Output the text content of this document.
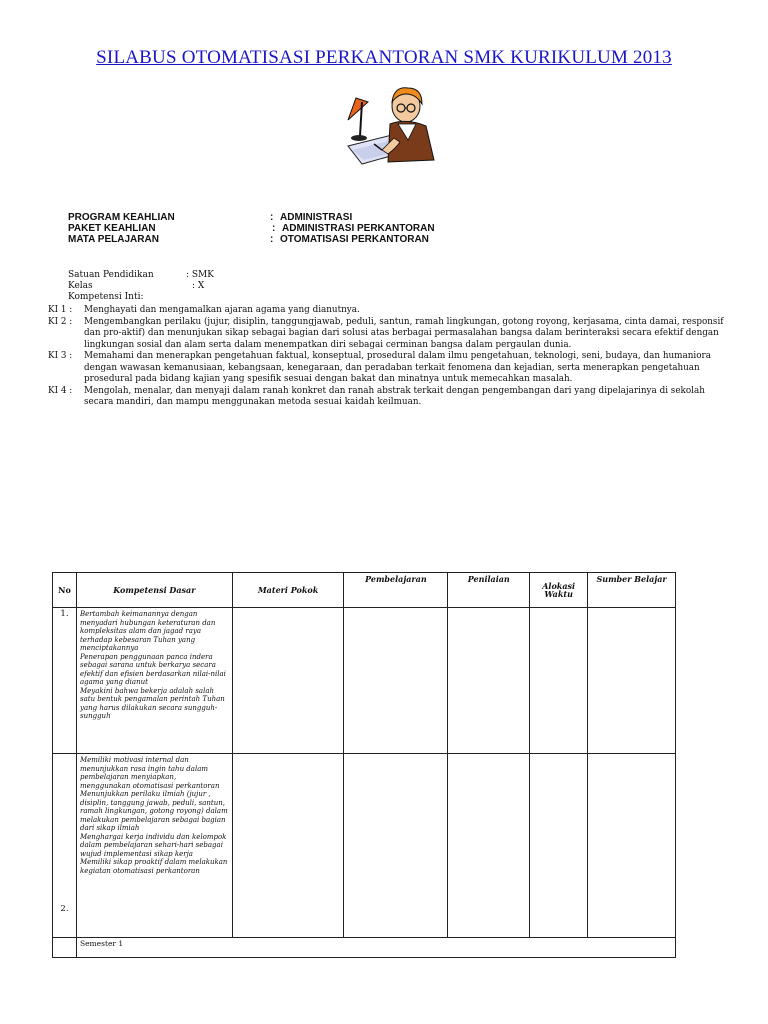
SILABUS OTOMATISASI PERKANTORAN SMK KURIKULUM 2013
PROGRAM KEAHLIAN	: ADMINISTRASI
PAKET KEAHLIAN	: ADMINISTRASI PERKANTORAN
MATA PELAJARAN	: OTOMATISASI PERKANTORAN
Satuan Pendidikan	: SMK
Kelas	: X
Kompetensi Inti:
KI 1 : Menghayati dan mengamalkan ajaran agama yang dianutnya.
KI 2 : Mengembangkan perilaku (jujur, disiplin, tanggungjawab, peduli, santun, ramah lingkungan, gotong royong, kerjasama, cinta damai, responsif dan pro-aktif) dan menunjukan sikap sebagai bagian dari solusi atas berbagai permasalahan bangsa dalam berinteraksi secara efektif dengan lingkungan sosial dan alam serta dalam menempatkan diri sebagai cerminan bangsa dalam pergaulan dunia.
KI 3 : Memahami dan menerapkan pengetahuan faktual, konseptual, prosedural dalam ilmu pengetahuan, teknologi, seni, budaya, dan humaniora dengan wawasan kemanusiaan, kebangsaan, kenegaraan, dan peradaban terkait fenomena dan kejadian, serta menerapkan pengetahuan prosedural pada bidang kajian yang spesifik sesuai dengan bakat dan minatnya untuk memecahkan masalah.
KI 4 : Mengolah, menalar, dan menyaji dalam ranah konkret dan ranah abstrak terkait dengan pengembangan dari yang dipelajarinya di sekolah secara mandiri, dan mampu menggunakan metoda sesuai kaidah keilmuan.
No	Kompetensi Dasar	Materi Pokok	Pembelajaran	Penilaian	Alokasi Waktu	Sumber Belajar
1.	Bertambah keimanannya dengan menyadari hubungan keteraturan dan kompleksitas alam dan jagad raya terhadap kebesaran Tuhan yang menciptakannya
Penerapan penggunaan panca indera sebagai sarana untuk berkarya secara efektif dan efisien berdasarkan nilai-nilai agama yang dianut
Meyakini bahwa bekerja adalah salah satu bentuk pengamalan perintah Tuhan yang harus dilakukan secara sungguh-sungguh					

2.	Memiliki motivasi internal dan menunjukkan rasa ingin tahu dalam pembelajaran menyiapkan, menggunakan otomatisasi perkantoran
Menunjukkan perilaku ilmiah (jujur , disiplin, tanggung jawab, peduli, santun, ramah lingkungan, gotong royong) dalam melakukan pembelajaran sebagai bagian dari sikap ilmiah
Menghargai kerja individu dan kelompok dalam pembelajaran sehari-hari sebagai wujud implementasi sikap kerja
Memiliki sikap proaktif dalam melakukan kegiatan otomatisasi perkantoran					

	Semester 1					
